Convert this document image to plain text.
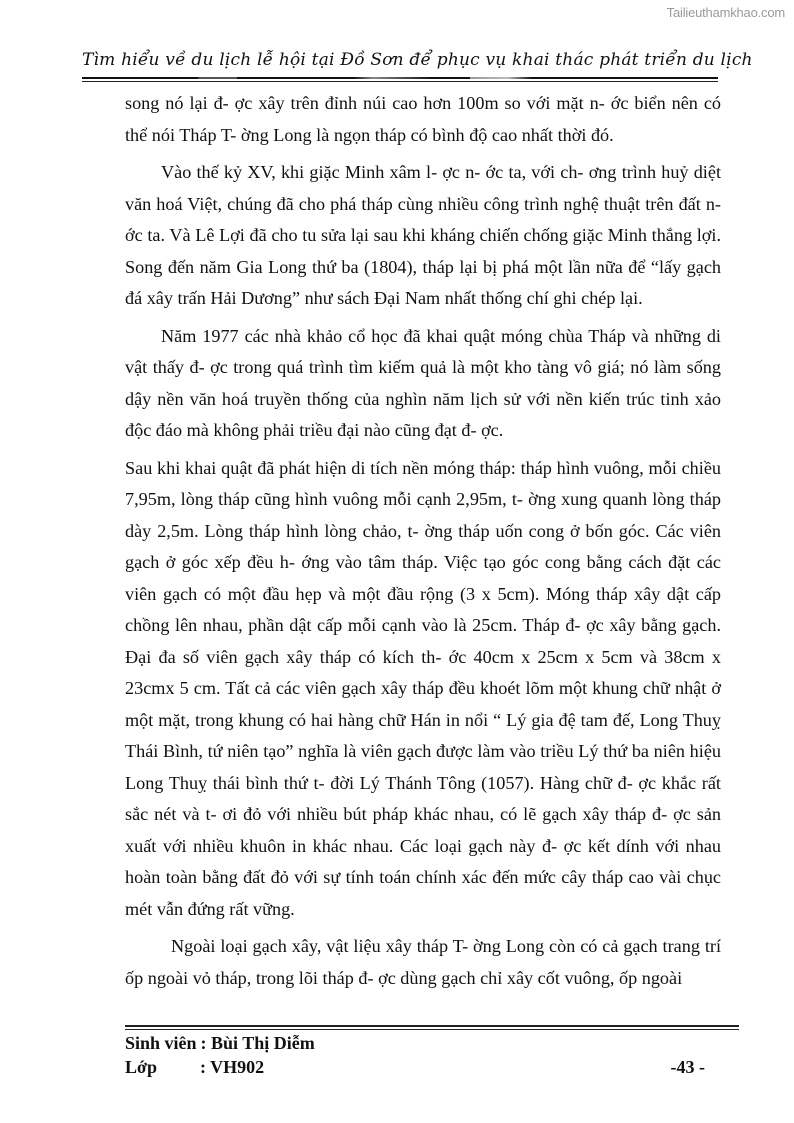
Tailieuthamkhao.com
Tìm hiểu về du lịch lễ hội tại Đồ Sơn để phục vụ khai thác phát triển du lịch

song nó lại đ- ợc xây trên đỉnh núi cao hơn 100m so với mặt n- ớc biển nên có thể nói Tháp T- ờng Long là ngọn tháp có bình độ cao nhất thời đó.

Vào thế kỷ XV, khi giặc Minh xâm l- ợc n- ớc ta, với ch- ơng trình huỷ diệt văn hoá Việt, chúng đã cho phá tháp cùng nhiều công trình nghệ thuật trên đất n- ớc ta. Và Lê Lợi đã cho tu sửa lại sau khi kháng chiến chống giặc Minh thắng lợi. Song đến năm Gia Long thứ ba (1804), tháp lại bị phá một lần nữa để “lấy gạch đá xây trấn Hải Dương” như sách Đại Nam nhất thống chí ghi chép lại.

Năm 1977 các nhà khảo cổ học đã khai quật móng chùa Tháp và những di vật thấy đ- ợc trong quá trình tìm kiếm quả là một kho tàng vô giá; nó làm sống dậy nền văn hoá truyền thống của nghìn năm lịch sử với nền kiến trúc tinh xảo độc đáo mà không phải triều đại nào cũng đạt đ- ợc.

Sau khi khai quật đã phát hiện di tích nền móng tháp: tháp hình vuông, mỗi chiều 7,95m, lòng tháp cũng hình vuông mỗi cạnh 2,95m, t- ờng xung quanh lòng tháp dày 2,5m. Lòng tháp hình lòng chảo, t- ờng tháp uốn cong ở bốn góc. Các viên gạch ở góc xếp đều h- ớng vào tâm tháp. Việc tạo góc cong bằng cách đặt các viên gạch có một đầu hẹp và một đầu rộng (3 x 5cm). Móng tháp xây dật cấp chồng lên nhau, phần dật cấp mỗi cạnh vào là 25cm. Tháp đ- ợc xây bằng gạch. Đại đa số viên gạch xây tháp có kích th- ớc 40cm x 25cm x 5cm và 38cm x 23cmx 5 cm. Tất cả các viên gạch xây tháp đều khoét lõm một khung chữ nhật ở một mặt, trong khung có hai hàng chữ Hán in nổi “ Lý gia đệ tam đế, Long Thuỵ Thái Bình, tứ niên tạo” nghĩa là viên gạch được làm vào triều Lý thứ ba niên hiệu Long Thuỵ thái bình thứ t- đời Lý Thánh Tông (1057). Hàng chữ đ- ợc khắc rất sắc nét và t- ơi đỏ với nhiều bút pháp khác nhau, có lẽ gạch xây tháp đ- ợc sản xuất với nhiều khuôn in khác nhau. Các loại gạch này đ- ợc kết dính với nhau hoàn toàn bằng đất đỏ với sự tính toán chính xác đến mức cây tháp cao vài chục mét vẫn đứng rất vững.

Ngoài loại gạch xây, vật liệu xây tháp T- ờng Long còn có cả gạch trang trí ốp ngoài vỏ tháp, trong lõi tháp đ- ợc dùng gạch chỉ xây cốt vuông, ốp ngoài

Sinh viên : Bùi Thị Diễm
Lớp	: VH902	-43 -
